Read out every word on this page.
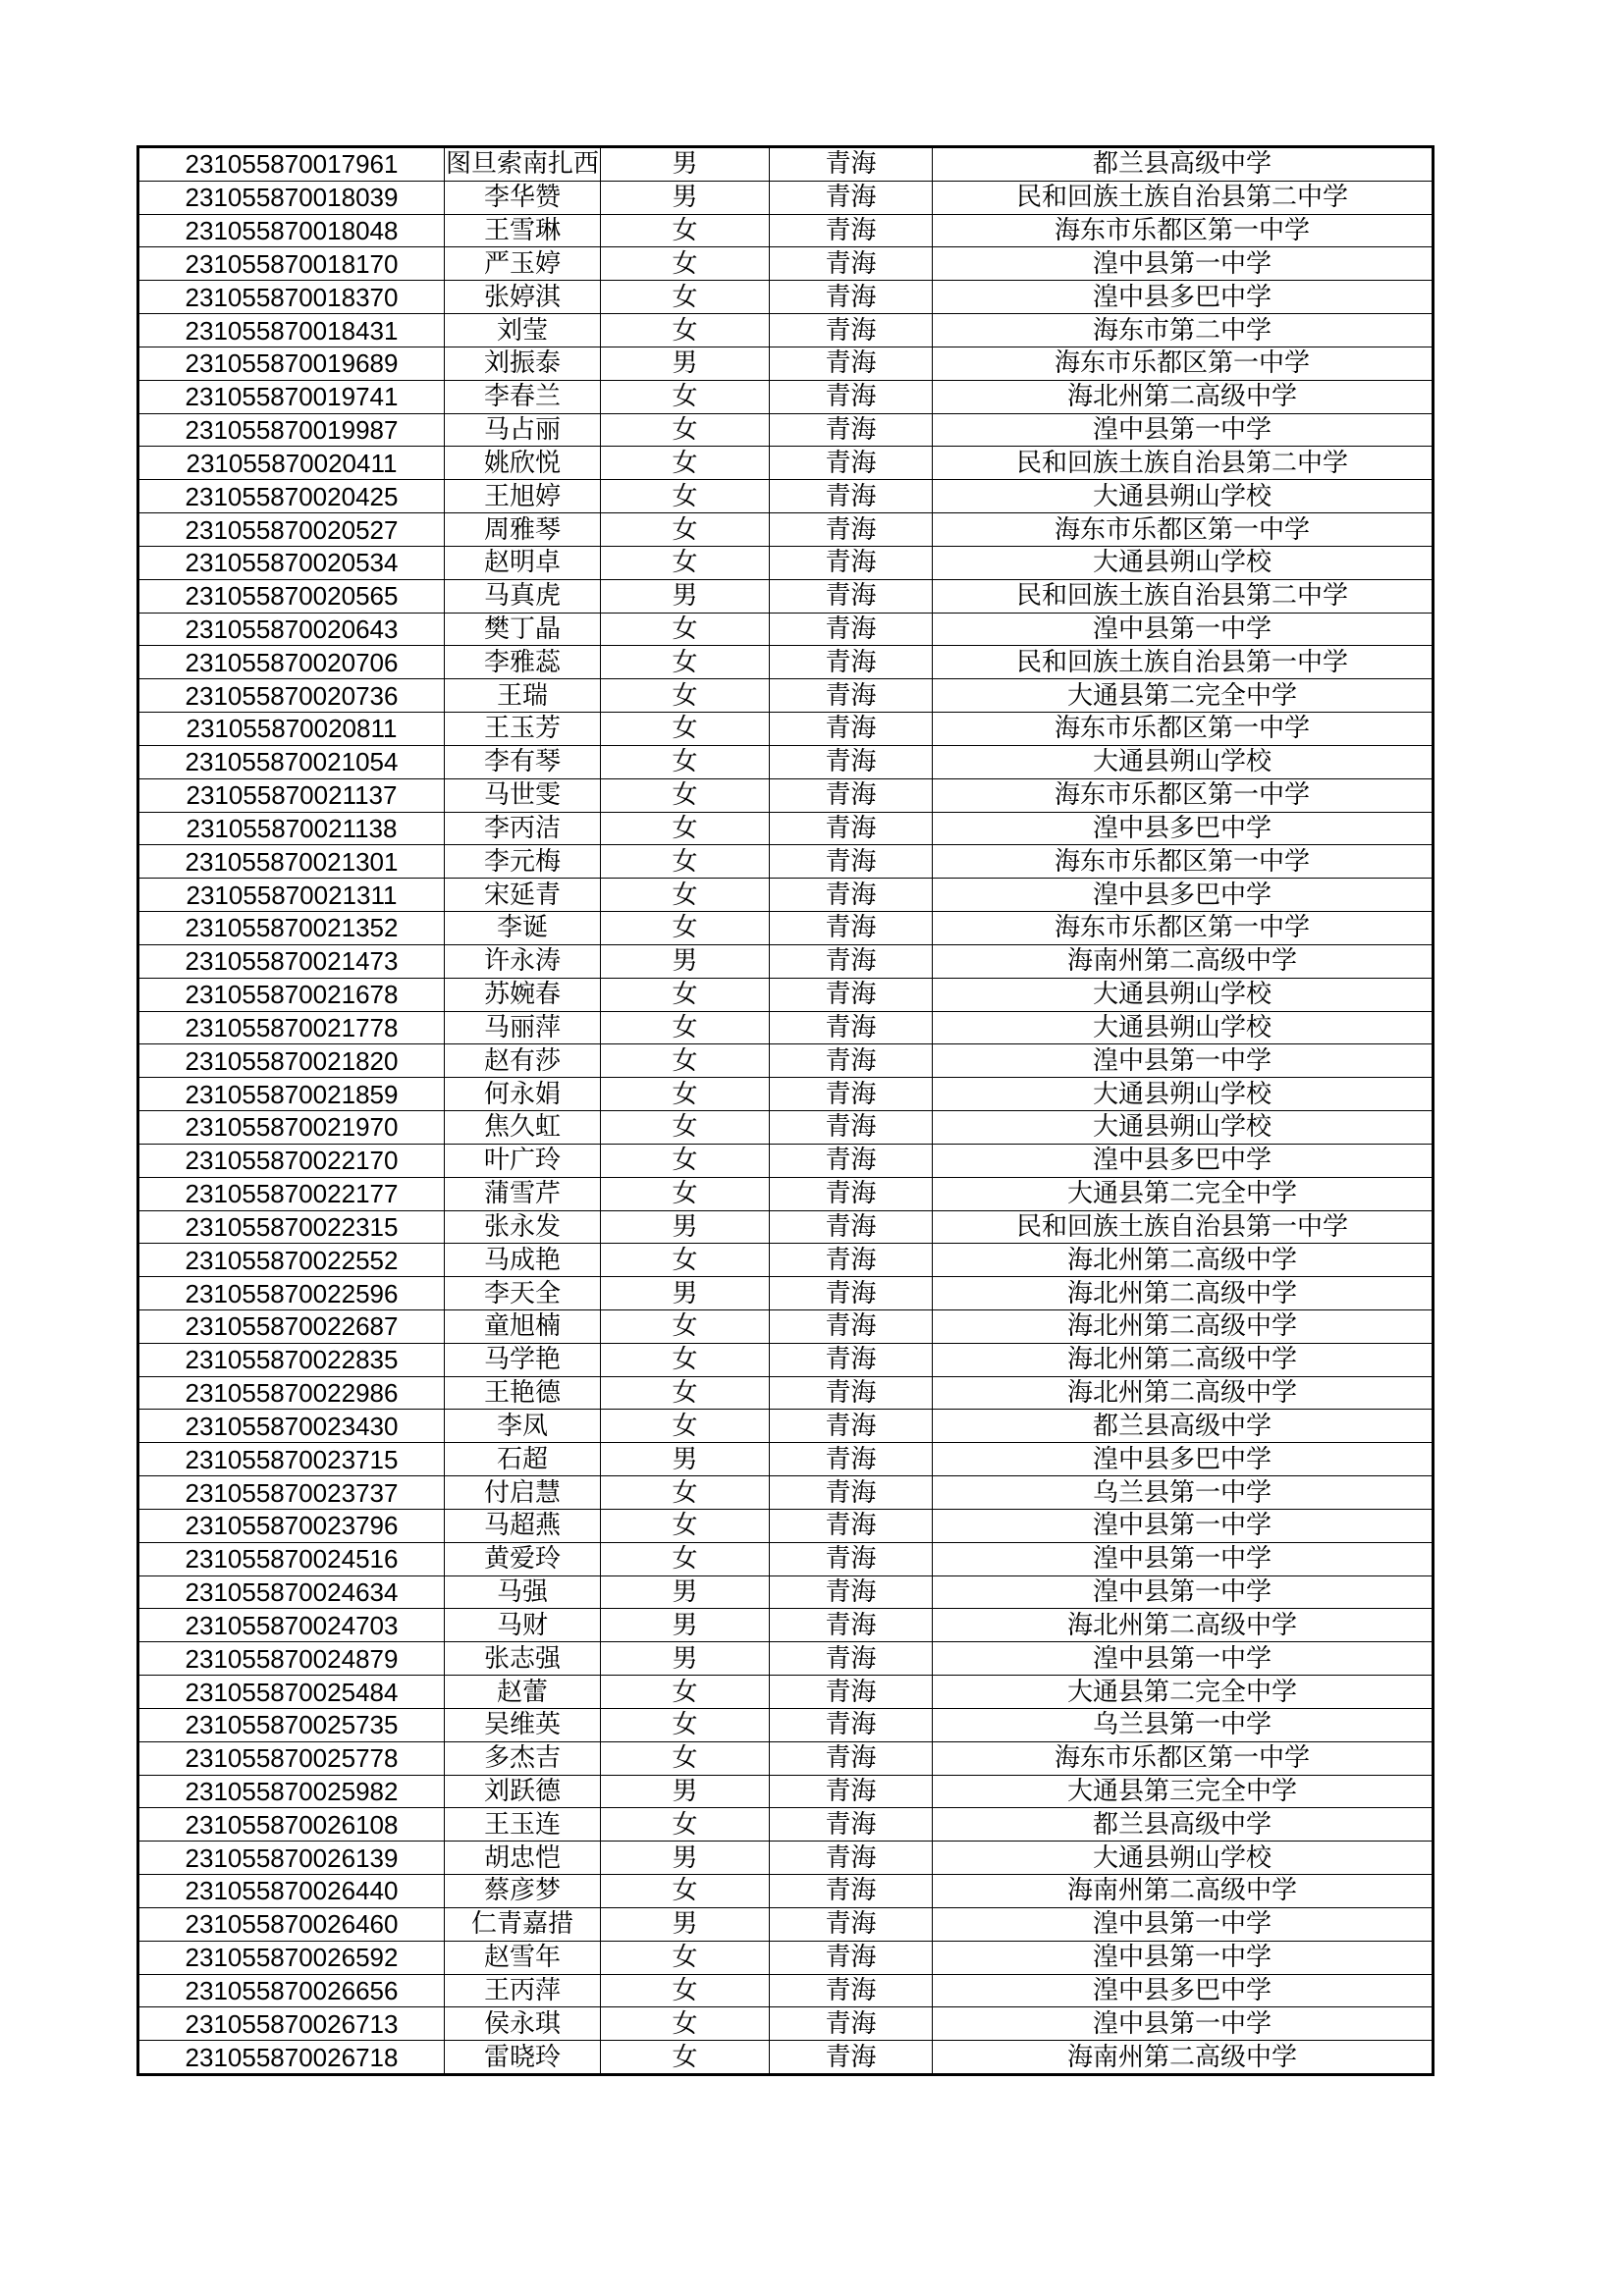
231055870017961	图旦索南扎西	男	青海	都兰县高级中学
231055870018039	李华赞	男	青海	民和回族土族自治县第二中学
231055870018048	王雪琳	女	青海	海东市乐都区第一中学
231055870018170	严玉婷	女	青海	湟中县第一中学
231055870018370	张婷淇	女	青海	湟中县多巴中学
231055870018431	刘莹	女	青海	海东市第二中学
231055870019689	刘振泰	男	青海	海东市乐都区第一中学
231055870019741	李春兰	女	青海	海北州第二高级中学
231055870019987	马占丽	女	青海	湟中县第一中学
231055870020411	姚欣悦	女	青海	民和回族土族自治县第二中学
231055870020425	王旭婷	女	青海	大通县朔山学校
231055870020527	周雅琴	女	青海	海东市乐都区第一中学
231055870020534	赵明卓	女	青海	大通县朔山学校
231055870020565	马真虎	男	青海	民和回族土族自治县第二中学
231055870020643	樊丁晶	女	青海	湟中县第一中学
231055870020706	李雅蕊	女	青海	民和回族土族自治县第一中学
231055870020736	王瑞	女	青海	大通县第二完全中学
231055870020811	王玉芳	女	青海	海东市乐都区第一中学
231055870021054	李有琴	女	青海	大通县朔山学校
231055870021137	马世雯	女	青海	海东市乐都区第一中学
231055870021138	李丙洁	女	青海	湟中县多巴中学
231055870021301	李元梅	女	青海	海东市乐都区第一中学
231055870021311	宋延青	女	青海	湟中县多巴中学
231055870021352	李诞	女	青海	海东市乐都区第一中学
231055870021473	许永涛	男	青海	海南州第二高级中学
231055870021678	苏婉春	女	青海	大通县朔山学校
231055870021778	马丽萍	女	青海	大通县朔山学校
231055870021820	赵有莎	女	青海	湟中县第一中学
231055870021859	何永娟	女	青海	大通县朔山学校
231055870021970	焦久虹	女	青海	大通县朔山学校
231055870022170	叶广玲	女	青海	湟中县多巴中学
231055870022177	蒲雪芹	女	青海	大通县第二完全中学
231055870022315	张永发	男	青海	民和回族土族自治县第一中学
231055870022552	马成艳	女	青海	海北州第二高级中学
231055870022596	李天全	男	青海	海北州第二高级中学
231055870022687	童旭楠	女	青海	海北州第二高级中学
231055870022835	马学艳	女	青海	海北州第二高级中学
231055870022986	王艳德	女	青海	海北州第二高级中学
231055870023430	李凤	女	青海	都兰县高级中学
231055870023715	石超	男	青海	湟中县多巴中学
231055870023737	付启慧	女	青海	乌兰县第一中学
231055870023796	马超燕	女	青海	湟中县第一中学
231055870024516	黄爱玲	女	青海	湟中县第一中学
231055870024634	马强	男	青海	湟中县第一中学
231055870024703	马财	男	青海	海北州第二高级中学
231055870024879	张志强	男	青海	湟中县第一中学
231055870025484	赵蕾	女	青海	大通县第二完全中学
231055870025735	吴维英	女	青海	乌兰县第一中学
231055870025778	多杰吉	女	青海	海东市乐都区第一中学
231055870025982	刘跃德	男	青海	大通县第三完全中学
231055870026108	王玉连	女	青海	都兰县高级中学
231055870026139	胡忠恺	男	青海	大通县朔山学校
231055870026440	蔡彦梦	女	青海	海南州第二高级中学
231055870026460	仁青嘉措	男	青海	湟中县第一中学
231055870026592	赵雪年	女	青海	湟中县第一中学
231055870026656	王丙萍	女	青海	湟中县多巴中学
231055870026713	侯永琪	女	青海	湟中县第一中学
231055870026718	雷晓玲	女	青海	海南州第二高级中学
